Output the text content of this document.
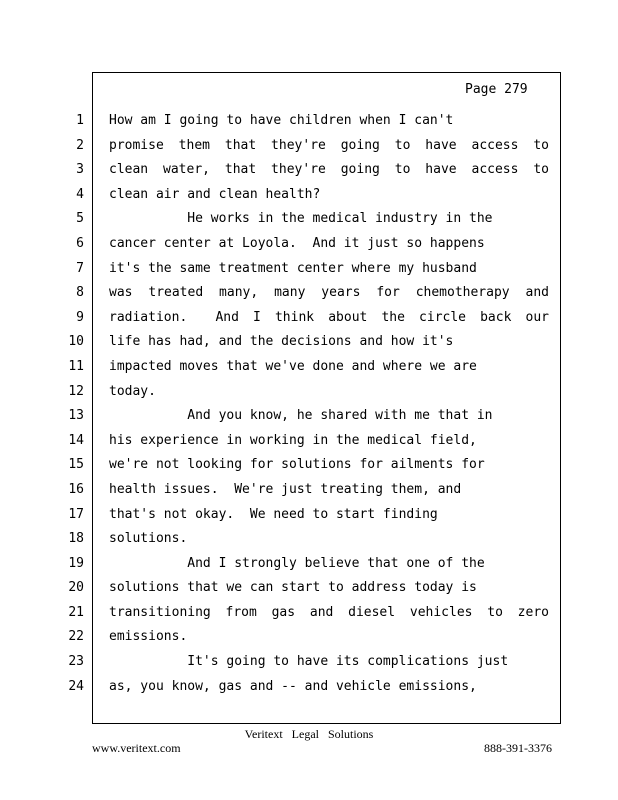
Page 279
1
2
3
4
5
6
7
8
9
10
11
12
13
14
15
16
17
18
19
20
21
22
23
24
How am I going to have children when I can't
promise them that they're going to have access to
clean water, that they're going to have access to
clean air and clean health?
He works in the medical industry in the
cancer center at Loyola.  And it just so happens
it's the same treatment center where my husband
was treated many, many years for chemotherapy and
radiation.  And I think about the circle back our
life has had, and the decisions and how it's
impacted moves that we've done and where we are
today.
And you know, he shared with me that in
his experience in working in the medical field,
we're not looking for solutions for ailments for
health issues.  We're just treating them, and
that's not okay.  We need to start finding
solutions.
And I strongly believe that one of the
solutions that we can start to address today is
transitioning from gas and diesel vehicles to zero
emissions.
It's going to have its complications just
as, you know, gas and -- and vehicle emissions,
Veritext Legal Solutions
www.veritext.com	888-391-3376
